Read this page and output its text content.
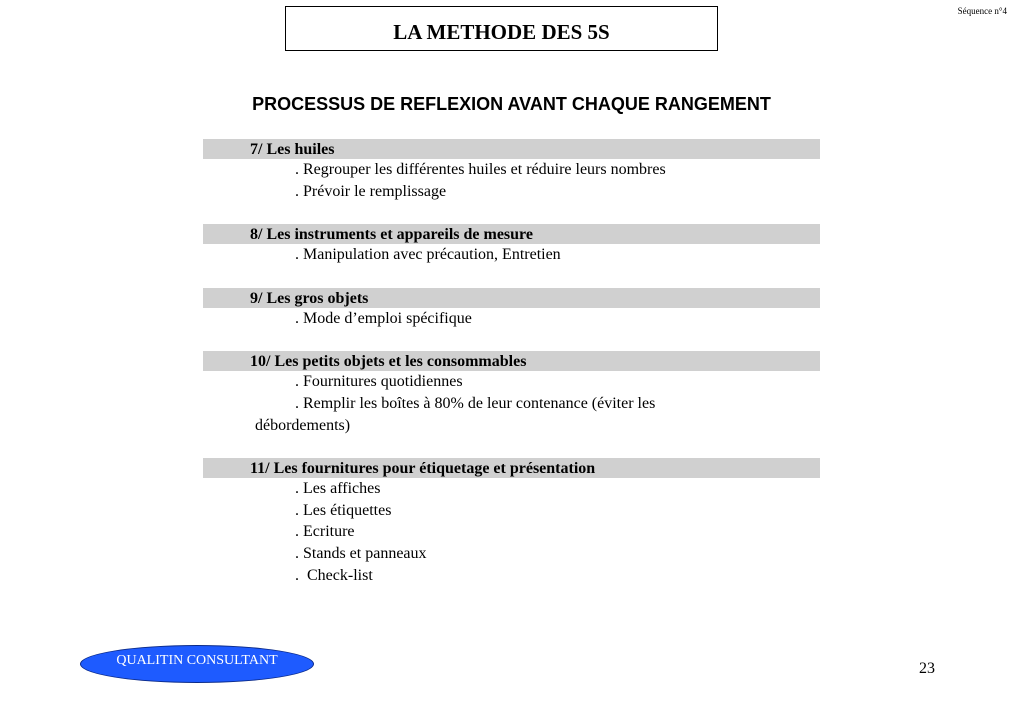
LA METHODE DES 5S
Séquence n°4
PROCESSUS DE REFLEXION AVANT CHAQUE RANGEMENT
7/ Les huiles
. Regrouper les différentes huiles et réduire leurs nombres
. Prévoir le remplissage
8/ Les instruments et appareils de mesure
. Manipulation avec précaution, Entretien
9/ Les gros objets
. Mode d’emploi spécifique
10/ Les petits objets et les consommables
. Fournitures quotidiennes
. Remplir les boîtes à 80% de leur contenance (éviter les
débordements)
11/ Les fournitures pour étiquetage et présentation
. Les affiches
. Les étiquettes
. Ecriture
. Stands et panneaux
.  Check-list
QUALITIN CONSULTANT	23
